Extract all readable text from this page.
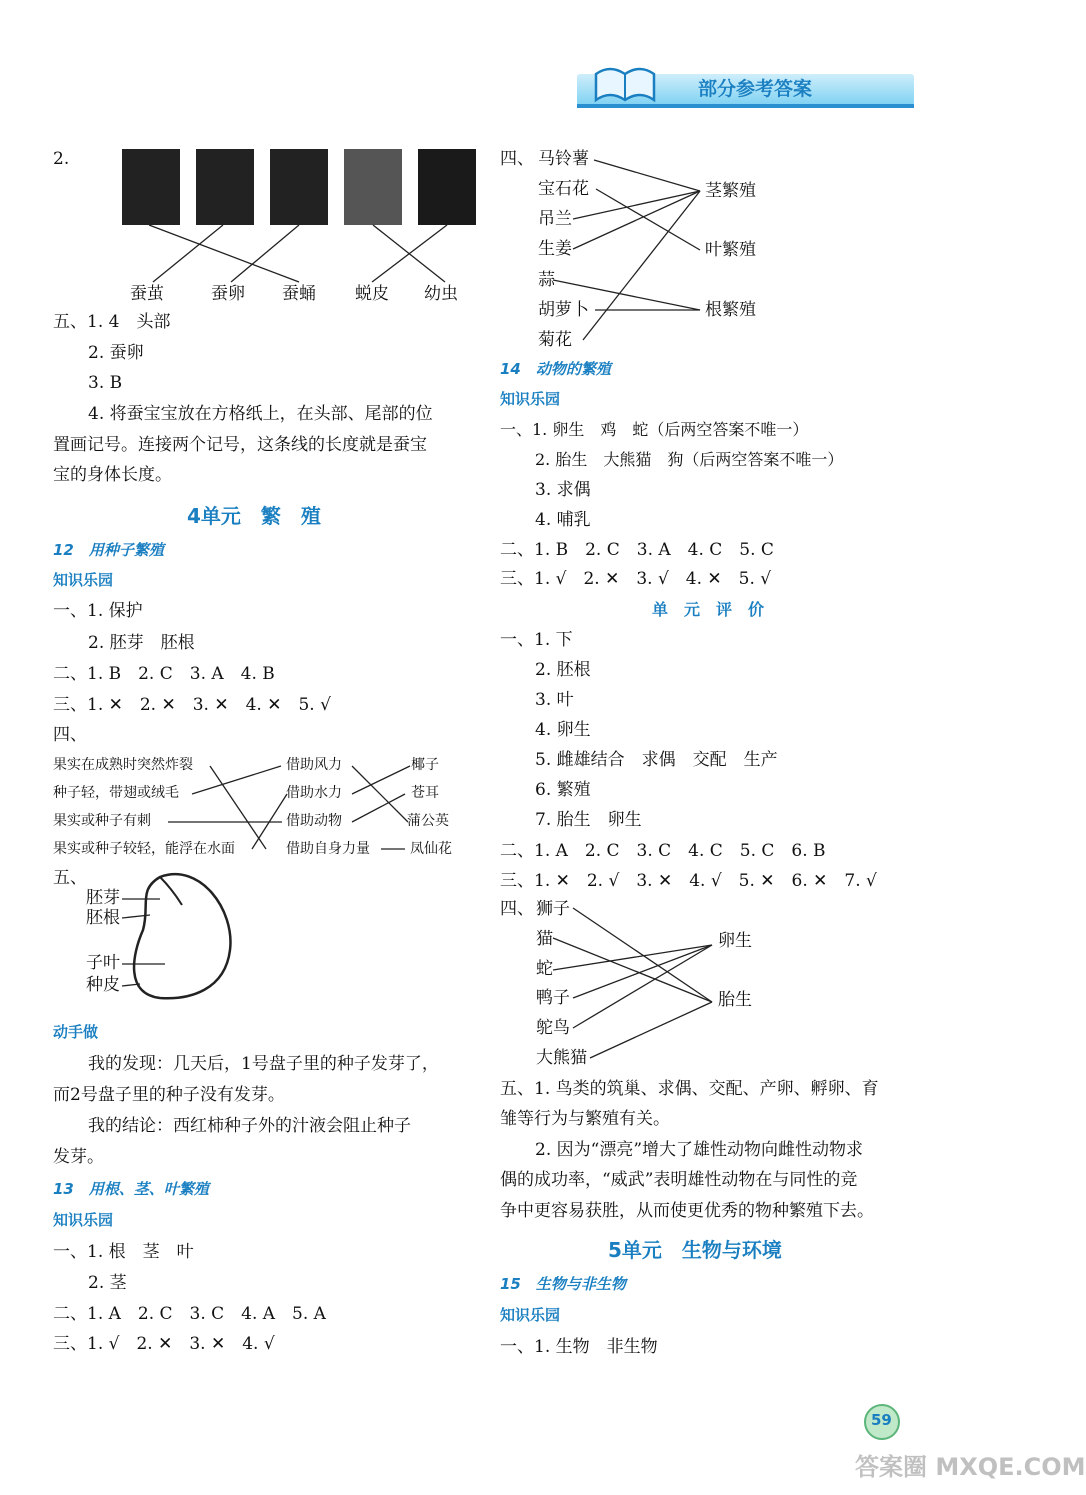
部分参考答案
2.
蚕茧	蚕卵 蚕蛹 蜕皮 幼虫
五、1. 4　头部
2. 蚕卵
3. B
4. 将蚕宝宝放在方格纸上，在头部、尾部的位
置画记号。连接两个记号，这条线的长度就是蚕宝
宝的身体长度。
4单元　繁　殖
12　用种子繁殖
知识乐园
一、1. 保护
2. 胚芽　胚根
二、1. B　2. C　3. A　4. B
三、1. ✕　2. ✕　3. ✕　4. ✕　5. √
四、
果实在成熟时突然炸裂
种子轻，带翅或绒毛
果实或种子有刺
果实或种子较轻，能浮在水面
借助风力
借助水力
借助动物
借助自身力量
椰子
苍耳
蒲公英
凤仙花
五、
胚芽
胚根
子叶
种皮
动手做
我的发现：几天后，1号盘子里的种子发芽了，
而2号盘子里的种子没有发芽。
我的结论：西红柿种子外的汁液会阻止种子
发芽。
13　用根、茎、叶繁殖
知识乐园
一、1. 根　茎　叶
2. 茎
二、1. A　2. C　3. C　4. A　5. A
三、1. √　2. ✕　3. ✕　4. √
四、 马铃薯
宝石花
吊兰
生姜
蒜
胡萝卜
菊花
茎繁殖
叶繁殖
根繁殖
14　动物的繁殖
知识乐园
一、1. 卵生　鸡　蛇（后两空答案不唯一）
2. 胎生　大熊猫　狗（后两空答案不唯一）
3. 求偶
4. 哺乳
二、1. B　2. C　3. A　4. C　5. C
三、1. √　2. ✕　3. √　4. ✕　5. √
单　元　评　价
一、1. 下
2. 胚根
3. 叶
4. 卵生
5. 雌雄结合　求偶　交配　生产
6. 繁殖
7. 胎生　卵生
二、1. A　2. C　3. C　4. C　5. C　6. B
三、1. ✕　2. √　3. ✕　4. √　5. ✕　6. ✕　7. √
四、 狮子
猫
蛇
鸭子
鸵鸟
大熊猫
卵生
胎生
五、1. 鸟类的筑巢、求偶、交配、产卵、孵卵、育
雏等行为与繁殖有关。
2. 因为“漂亮”增大了雄性动物向雌性动物求
偶的成功率，“威武”表明雄性动物在与同性的竞
争中更容易获胜，从而使更优秀的物种繁殖下去。
5单元　生物与环境
15　生物与非生物
知识乐园
一、1. 生物　非生物
59
答案圈 MXQE.COM
